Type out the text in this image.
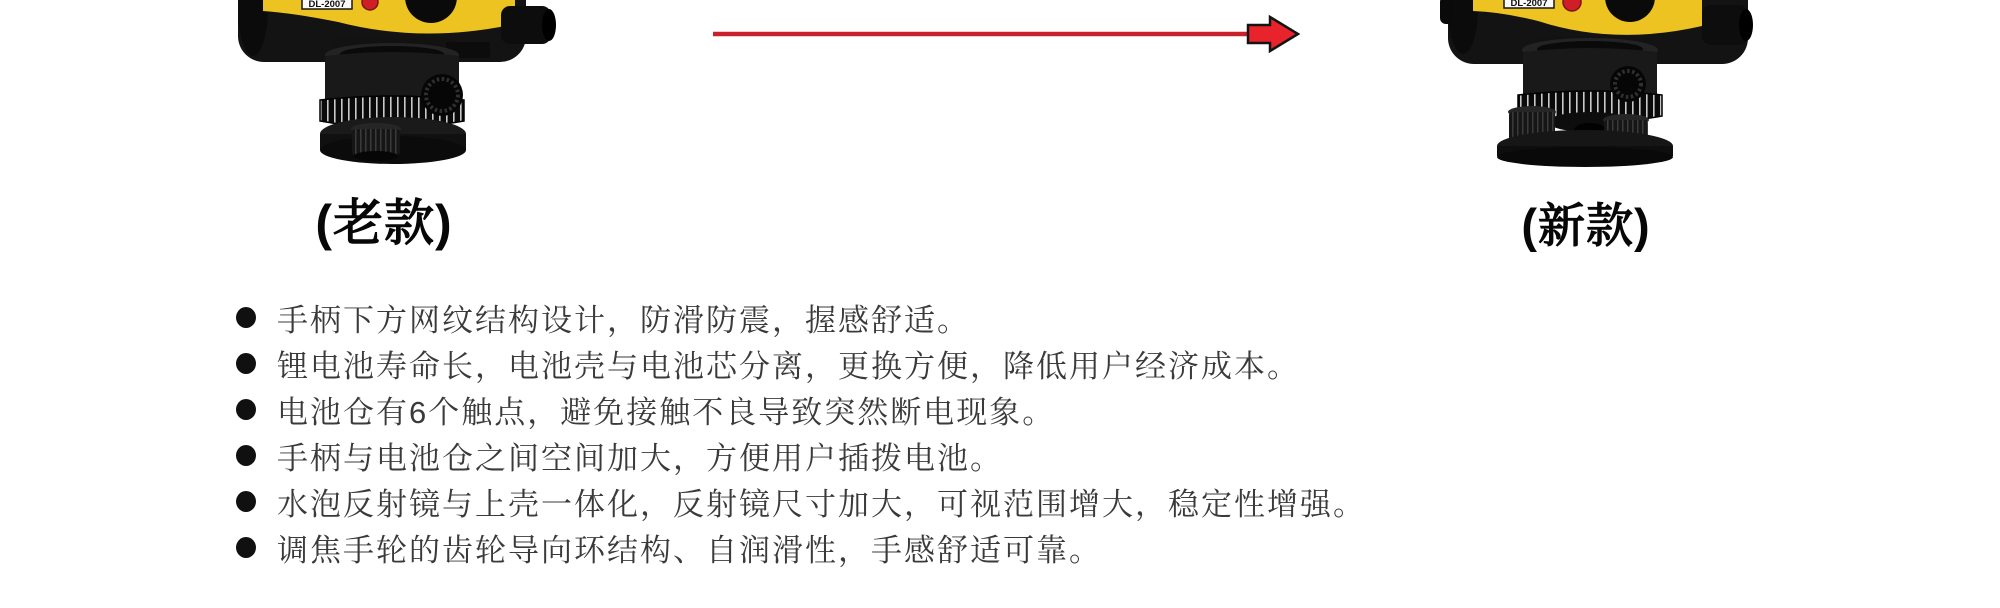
DL-2007
(老款)
DL-2007
(新款)
手柄下方网纹结构设计，防滑防震，握感舒适。
锂电池寿命长，电池壳与电池芯分离，更换方便，降低用户经济成本。
电池仓有6个触点，避免接触不良导致突然断电现象。
手柄与电池仓之间空间加大，方便用户插拨电池。
水泡反射镜与上壳一体化，反射镜尺寸加大，可视范围增大，稳定性增强。
调焦手轮的齿轮导向环结构、自润滑性，手感舒适可靠。
